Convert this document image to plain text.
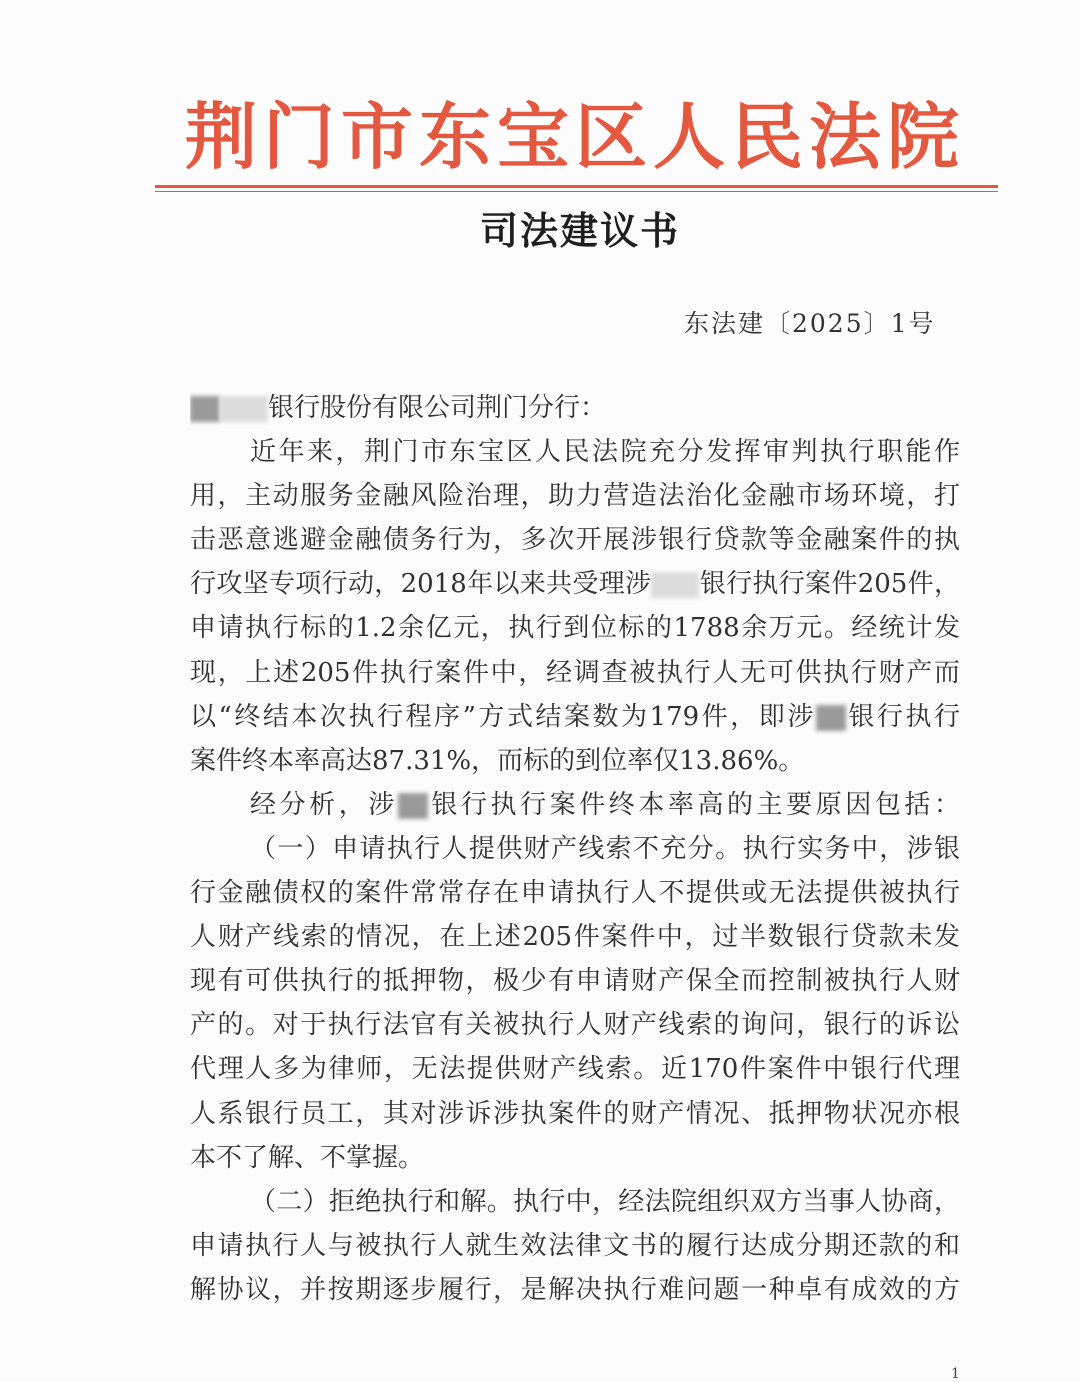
荆门市东宝区人民法院
司法建议书
东法建〔2025〕1号
银行股份有限公司荆门分行：
近年来，荆门市东宝区人民法院充分发挥审判执行职能作
用，主动服务金融风险治理，助力营造法治化金融市场环境，打
击恶意逃避金融债务行为，多次开展涉银行贷款等金融案件的执
行攻坚专项行动，2018年以来共受理涉 银行执行案件205件，
申请执行标的1.2余亿元，执行到位标的1788余万元。经统计发
现，上述205件执行案件中，经调查被执行人无可供执行财产而
以“终结本次执行程序”方式结案数为179件，即涉 银行执行
案件终本率高达87.31%，而标的到位率仅13.86%。
经分析，涉 银行执行案件终本率高的主要原因包括：
（一）申请执行人提供财产线索不充分。执行实务中，涉银
行金融债权的案件常常存在申请执行人不提供或无法提供被执行
人财产线索的情况，在上述205件案件中，过半数银行贷款未发
现有可供执行的抵押物，极少有申请财产保全而控制被执行人财
产的。对于执行法官有关被执行人财产线索的询问，银行的诉讼
代理人多为律师，无法提供财产线索。近170件案件中银行代理
人系银行员工，其对涉诉涉执案件的财产情况、抵押物状况亦根
本不了解、不掌握。
（二）拒绝执行和解。执行中，经法院组织双方当事人协商，
申请执行人与被执行人就生效法律文书的履行达成分期还款的和
解协议，并按期逐步履行，是解决执行难问题一种卓有成效的方
1
